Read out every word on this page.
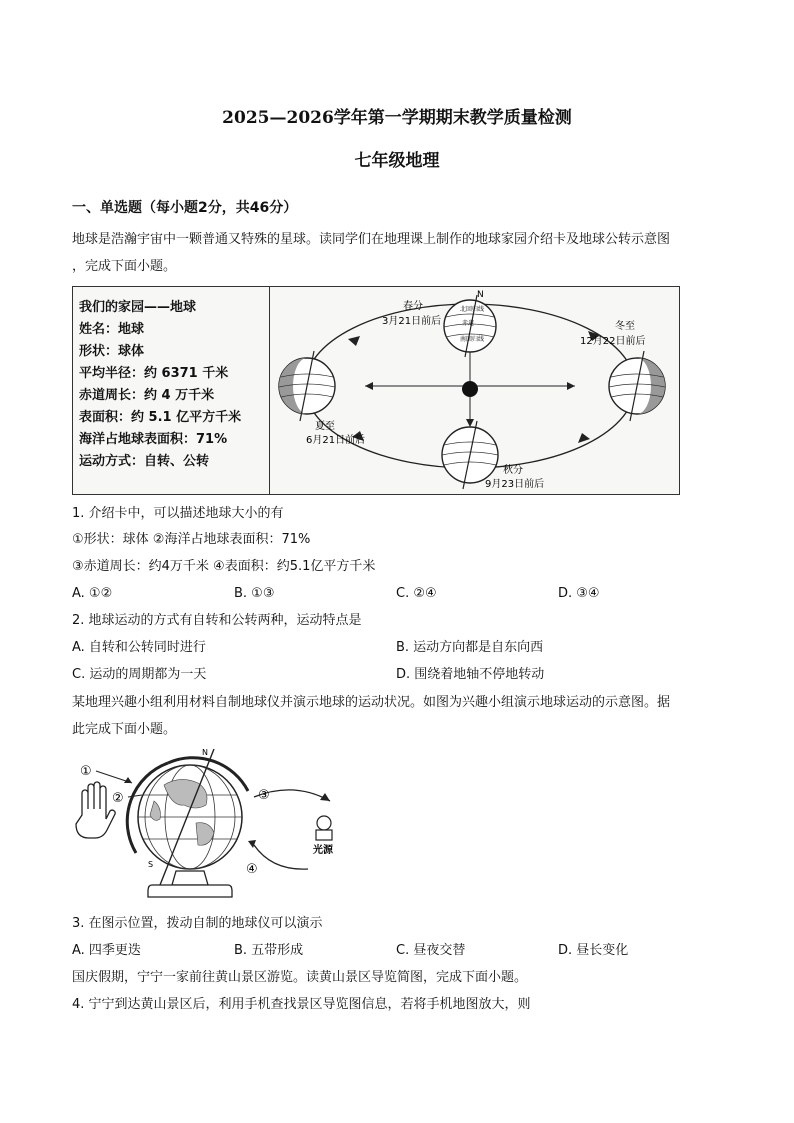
2025—2026学年第一学期期末教学质量检测
七年级地理
一、单选题（每小题2分，共46分）
地球是浩瀚宇宙中一颗普通又特殊的星球。读同学们在地理课上制作的地球家园介绍卡及地球公转示意图
，完成下面小题。
我们的家园——地球
姓名：地球
形状：球体
平均半径：约 6371 千米
赤道周长：约 4 万千米
表面积：约 5.1 亿平方千米
海洋占地球表面积：71%
运动方式：自转、公转
N
北回归线
赤道
南回归线
春分
3月21日前后	冬至
12月22日前后
夏至
6月21日前后
秋分
9月23日前后
1. 介绍卡中，可以描述地球大小的有
①形状：球体 ②海洋占地球表面积：71%
③赤道周长：约4万千米 ④表面积：约5.1亿平方千米
A. ①②	B. ①③	C. ②④	D. ③④
2. 地球运动的方式有自转和公转两种，运动特点是
A. 自转和公转同时进行	B. 运动方向都是自东向西
C. 运动的周期都为一天	D. 围绕着地轴不停地转动
某地理兴趣小组利用材料自制地球仪并演示地球的运动状况。如图为兴趣小组演示地球运动的示意图。据
此完成下面小题。
①
②
N
S
③
④
光源
3. 在图示位置，拨动自制的地球仪可以演示
A. 四季更迭	B. 五带形成	C. 昼夜交替	D. 昼长变化
国庆假期，宁宁一家前往黄山景区游览。读黄山景区导览简图，完成下面小题。
4. 宁宁到达黄山景区后，利用手机查找景区导览图信息，若将手机地图放大，则
